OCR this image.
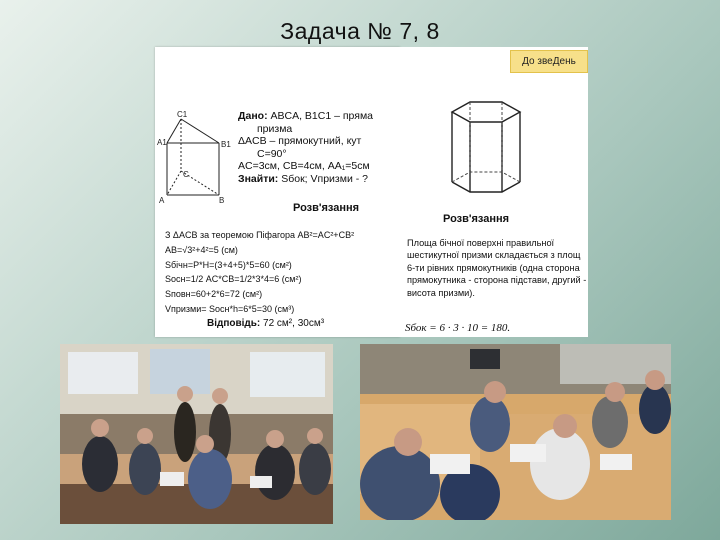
Задача № 7, 8
До звеДень
C1
A1	B1
C
A	B
Дано: ABCA, B1C1 – пряма
призма
ΔACB – прямокутний, кут
C=90°
AC=3см, CB=4см, AA₁=5см
Знайти: Sбок; Vпризми - ?
Розв'язання
З ΔACB за теоремою Піфагора AB²=AC²+CB²
AB=√3²+4²=5 (см)
Sбічн=P*H=(3+4+5)*5=60 (см²)
Sосн=1/2 AC*CB=1/2*3*4=6 (см²)
Sповн=60+2*6=72 (см²)
Vпризми= Sосн*h=6*5=30 (см³)
Відповідь: 72 см², 30см³
Розв'язання
Площа бічної поверхні правильної шестикутної призми складається з площ 6-ти рівних прямокутників (одна сторона прямокутника - сторона підстави, другий - висота призми).
Sбок = 6 · 3 · 10 = 180.
